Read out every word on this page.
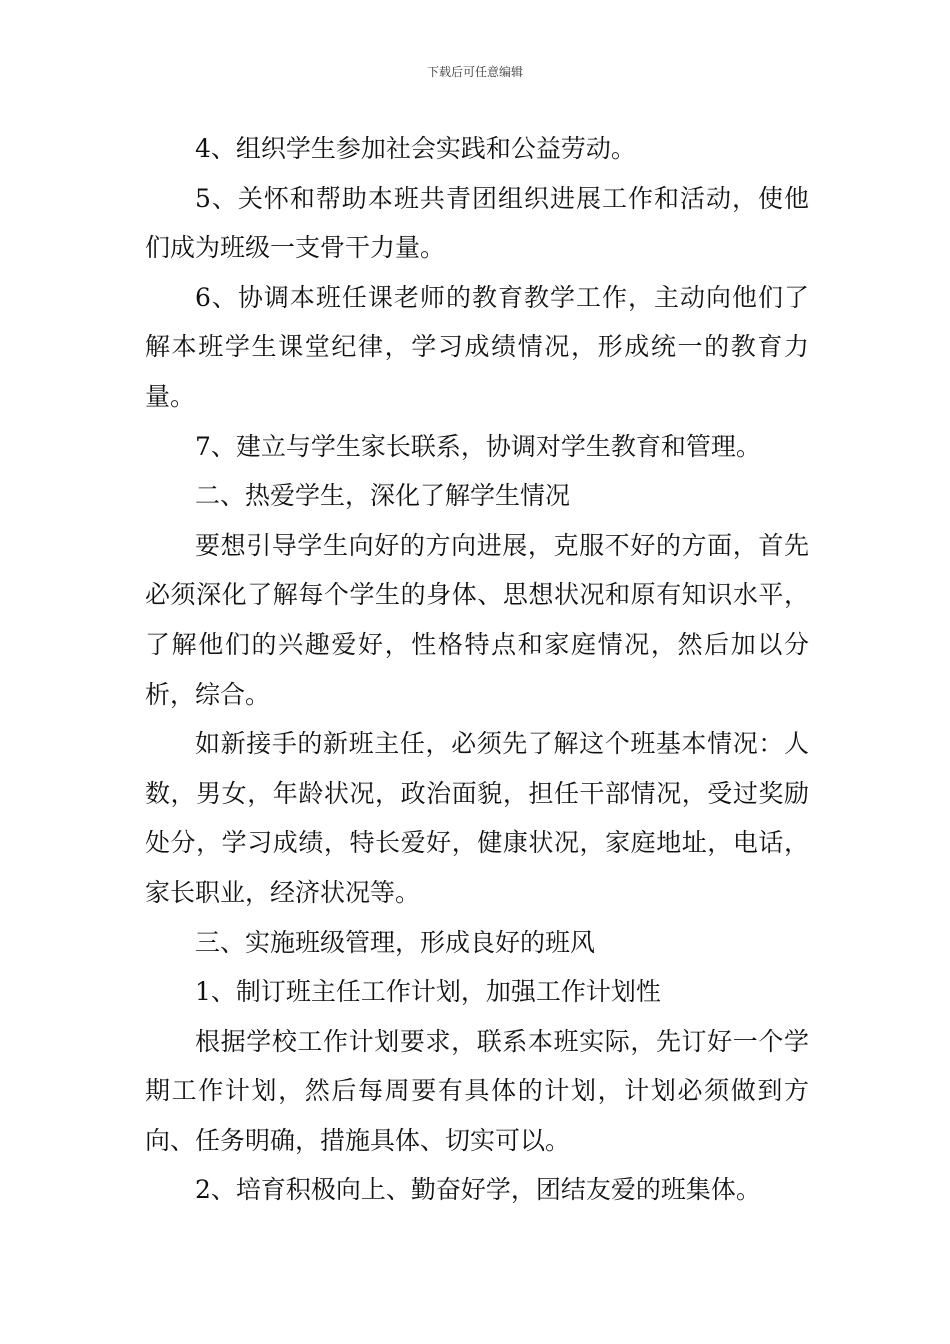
下载后可任意编辑

4、组织学生参加社会实践和公益劳动。

5、关怀和帮助本班共青团组织进展工作和活动，使他们成为班级一支骨干力量。

6、协调本班任课老师的教育教学工作，主动向他们了解本班学生课堂纪律，学习成绩情况，形成统一的教育力量。

7、建立与学生家长联系，协调对学生教育和管理。

二、热爱学生，深化了解学生情况

要想引导学生向好的方向进展，克服不好的方面，首先必须深化了解每个学生的身体、思想状况和原有知识水平，了解他们的兴趣爱好，性格特点和家庭情况，然后加以分析，综合。

如新接手的新班主任，必须先了解这个班基本情况：人数，男女，年龄状况，政治面貌，担任干部情况，受过奖励处分，学习成绩，特长爱好，健康状况，家庭地址，电话，家长职业，经济状况等。

三、实施班级管理，形成良好的班风

1、制订班主任工作计划，加强工作计划性

根据学校工作计划要求，联系本班实际，先订好一个学期工作计划，然后每周要有具体的计划，计划必须做到方向、任务明确，措施具体、切实可以。

2、培育积极向上、勤奋好学，团结友爱的班集体。
